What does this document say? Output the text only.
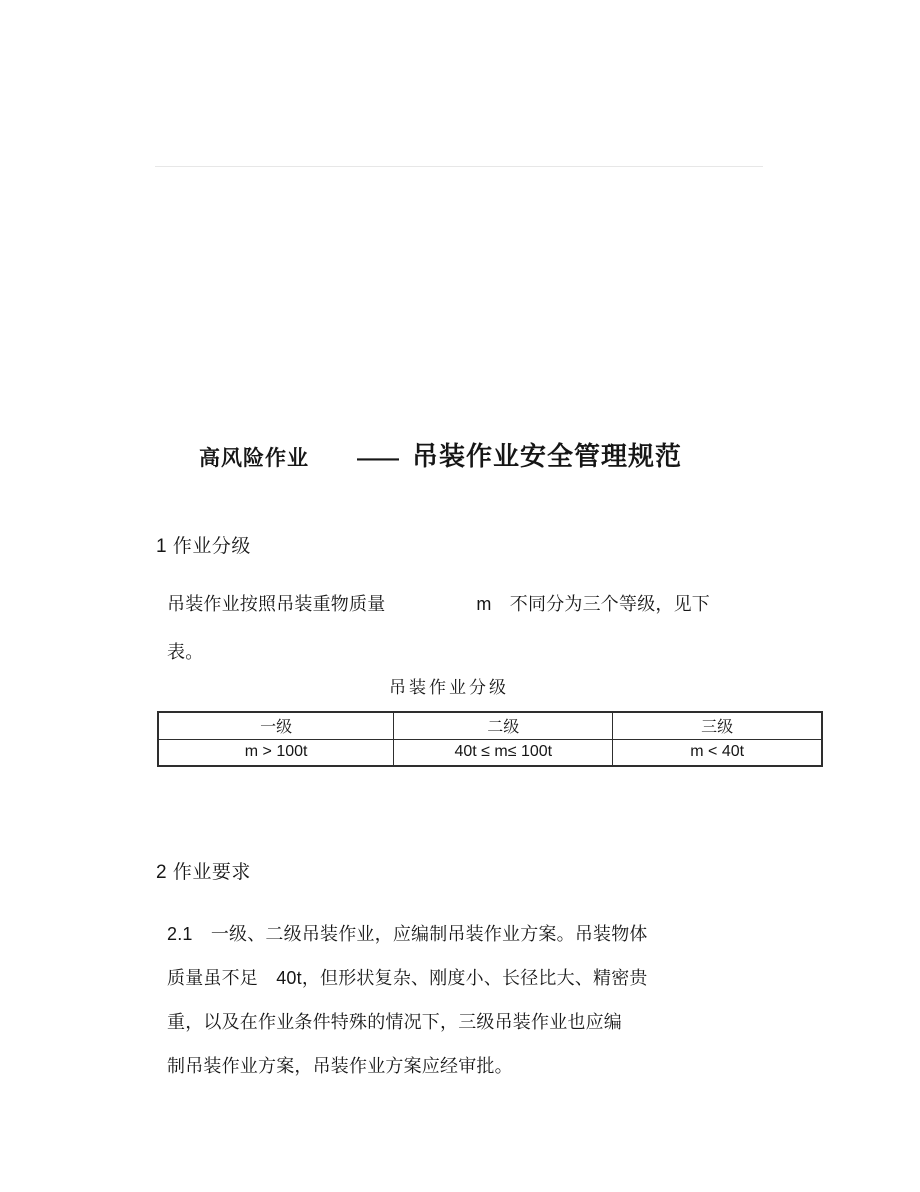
高风险作业 —— 吊装作业安全管理规范
1 作业分级
吊装作业按照吊装重物质量　　　　　m　不同分为三个等级，见下
表。
吊装作业分级
一级	二级	三级
m > 100t	40t ≤ m≤ 100t	m < 40t
2 作业要求
2.1　一级、二级吊装作业，应编制吊装作业方案。吊装物体
质量虽不足　40t，但形状复杂、刚度小、长径比大、精密贵
重，以及在作业条件特殊的情况下，三级吊装作业也应编
制吊装作业方案，吊装作业方案应经审批。
